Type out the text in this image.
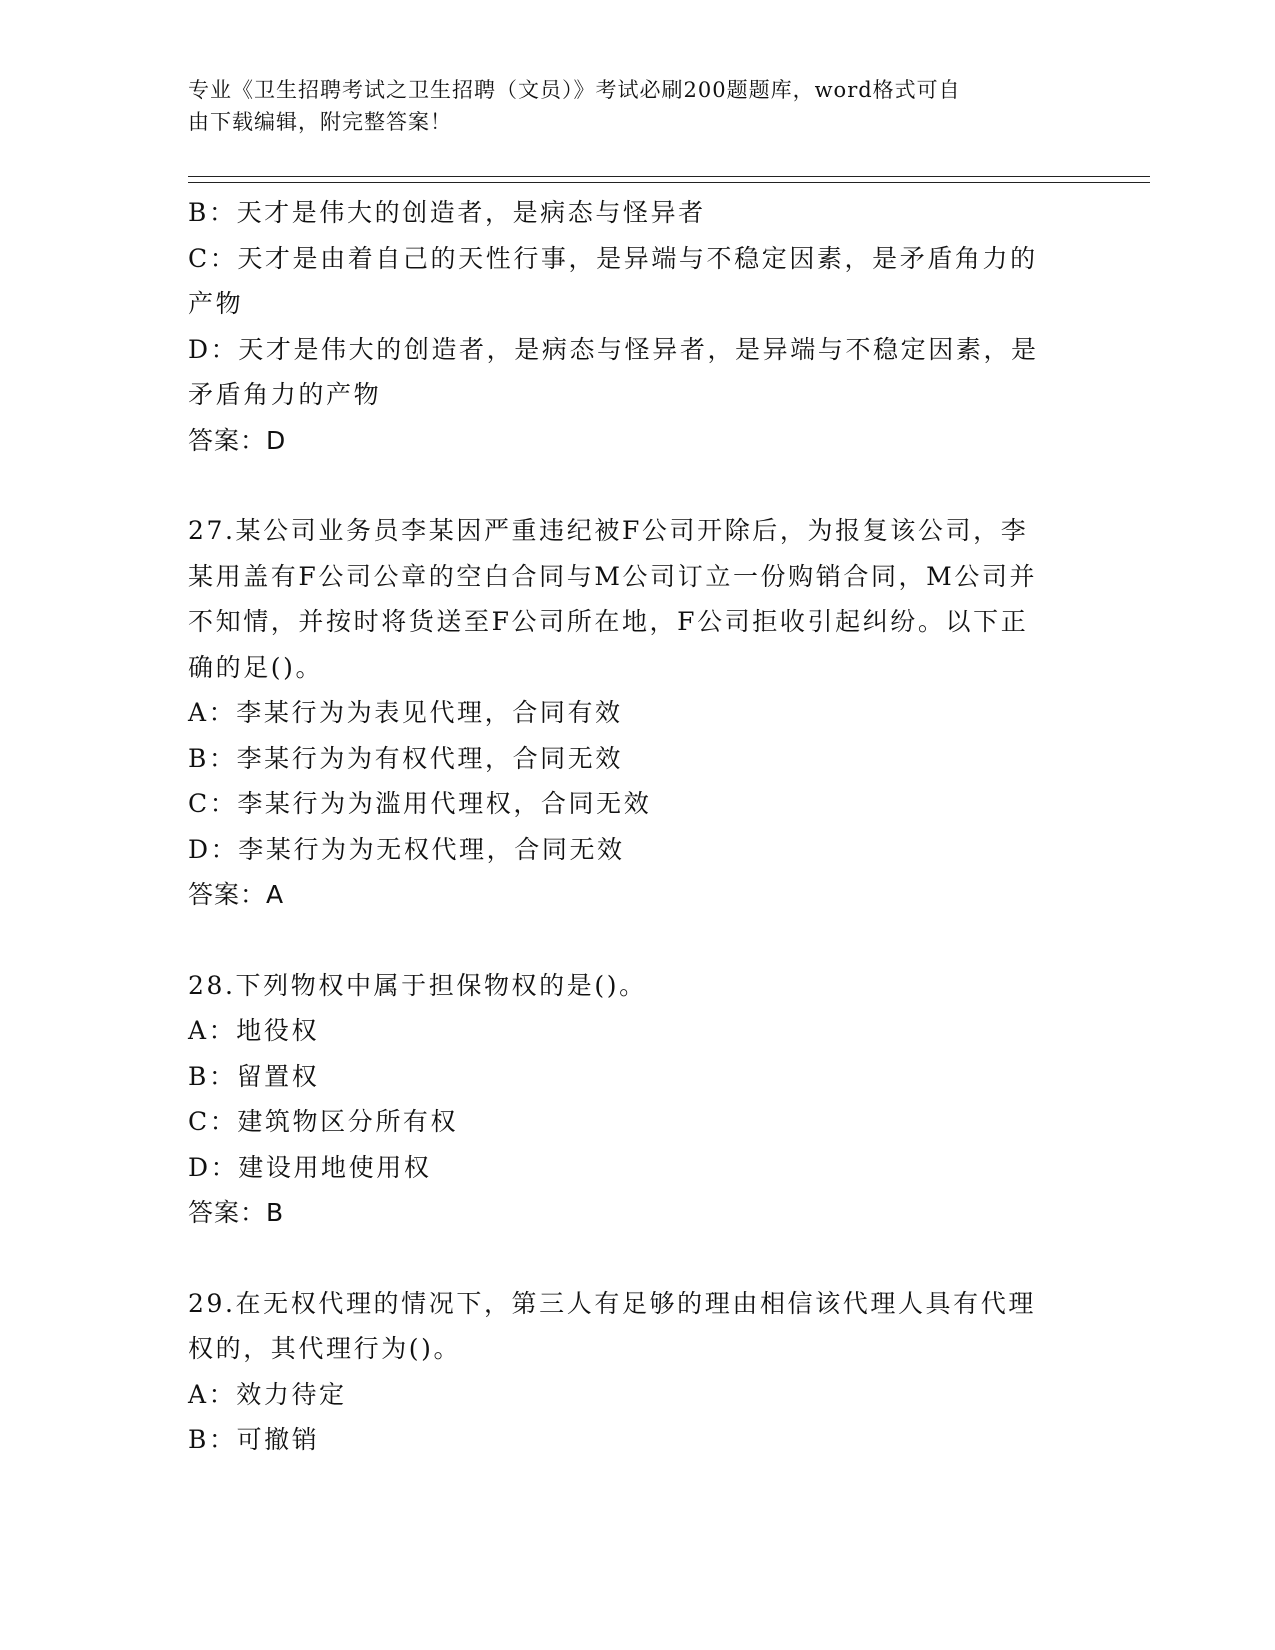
专业《卫生招聘考试之卫生招聘（文员）》考试必刷200题题库，word格式可自
由下载编辑，附完整答案！

B：天才是伟大的创造者，是病态与怪异者

C：天才是由着自己的天性行事，是异端与不稳定因素，是矛盾角力的

产物

D：天才是伟大的创造者，是病态与怪异者，是异端与不稳定因素，是

矛盾角力的产物

答案：D

27.某公司业务员李某因严重违纪被F公司开除后，为报复该公司，李

某用盖有F公司公章的空白合同与M公司订立一份购销合同，M公司并

不知情，并按时将货送至F公司所在地，F公司拒收引起纠纷。以下正

确的足()。

A：李某行为为表见代理，合同有效

B：李某行为为有权代理，合同无效

C：李某行为为滥用代理权，合同无效

D：李某行为为无权代理，合同无效

答案：A

28.下列物权中属于担保物权的是()。

A：地役权

B：留置权

C：建筑物区分所有权

D：建设用地使用权

答案：B

29.在无权代理的情况下，第三人有足够的理由相信该代理人具有代理

权的，其代理行为()。

A：效力待定

B：可撤销
